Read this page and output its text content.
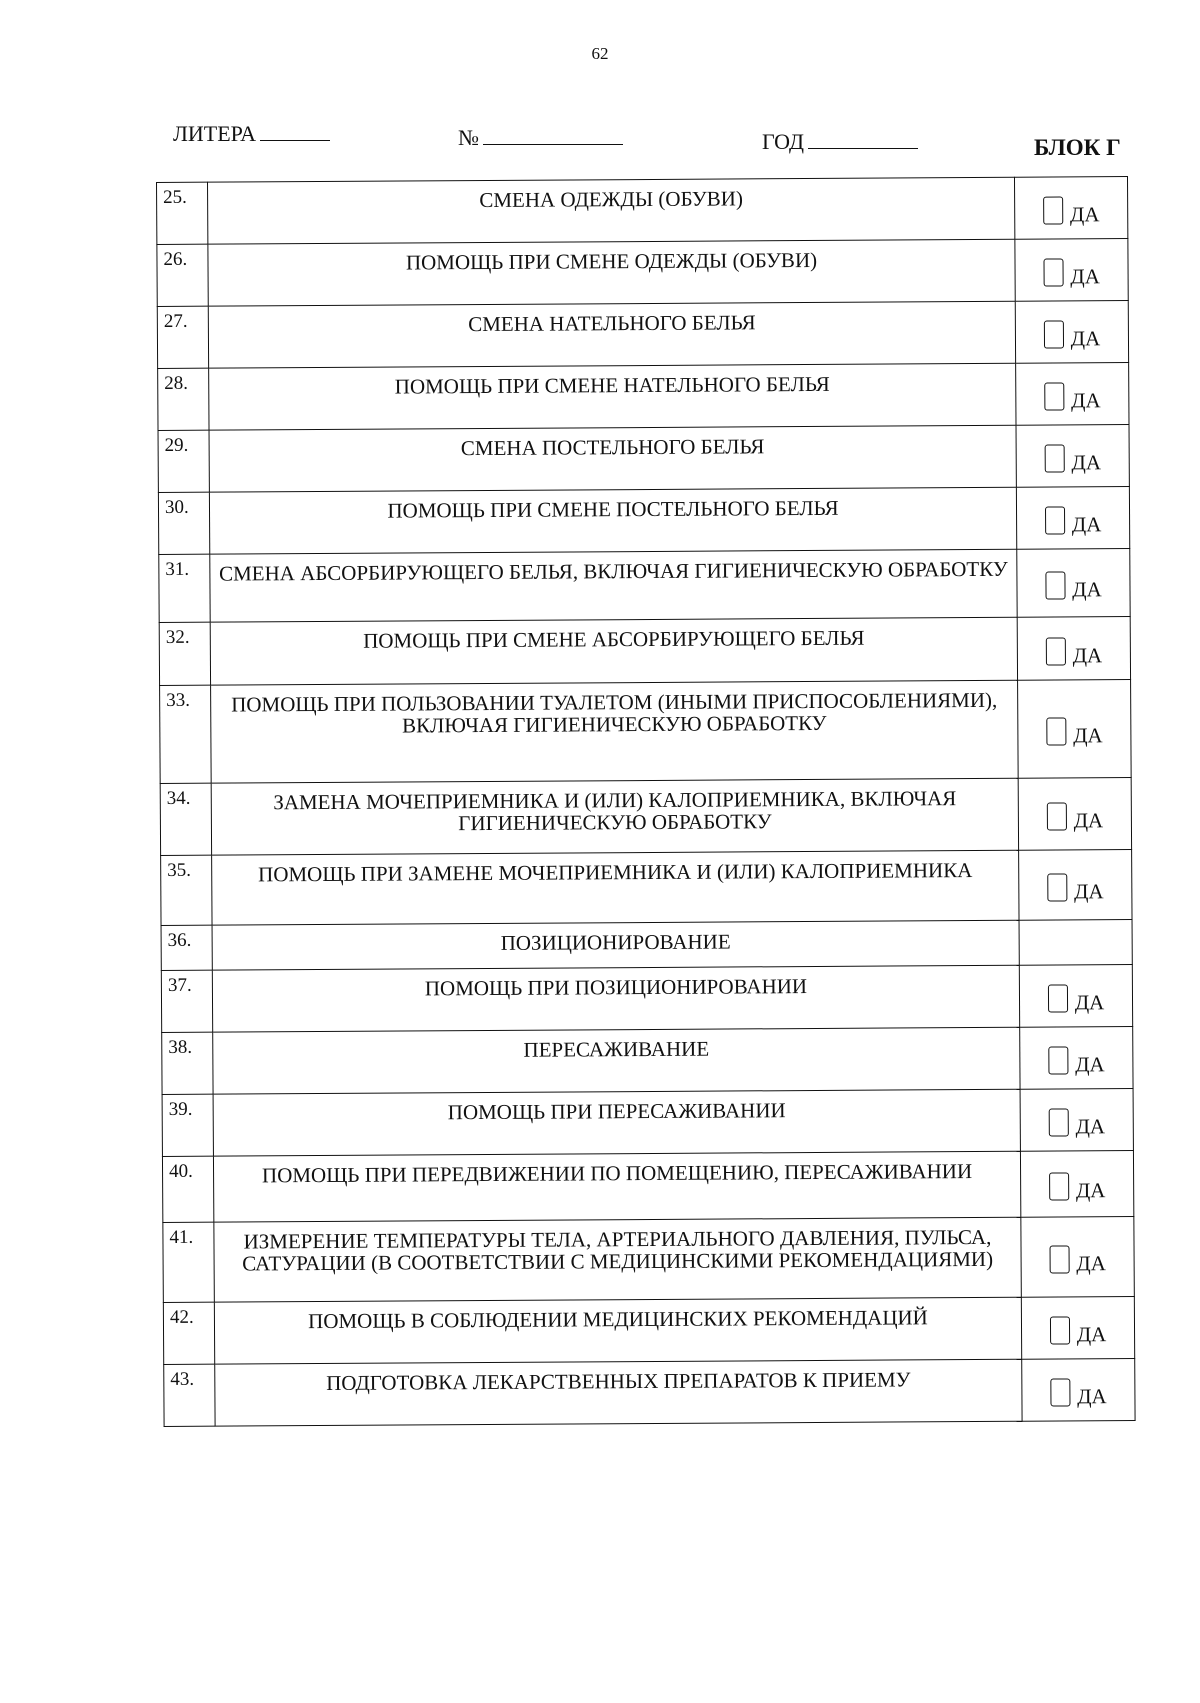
62
ЛИТЕРА	№	ГОД	БЛОК Г
25.	СМЕНА ОДЕЖДЫ (ОБУВИ)	ДА

26.	ПОМОЩЬ ПРИ СМЕНЕ ОДЕЖДЫ (ОБУВИ)	ДА

27.	СМЕНА НАТЕЛЬНОГО БЕЛЬЯ	ДА

28.	ПОМОЩЬ ПРИ СМЕНЕ НАТЕЛЬНОГО БЕЛЬЯ	ДА

29.	СМЕНА ПОСТЕЛЬНОГО БЕЛЬЯ	ДА

30.	ПОМОЩЬ ПРИ СМЕНЕ ПОСТЕЛЬНОГО БЕЛЬЯ	ДА

31.	СМЕНА АБСОРБИРУЮЩЕГО БЕЛЬЯ, ВКЛЮЧАЯ ГИГИЕНИЧЕСКУЮ ОБРАБОТКУ	ДА

32.	ПОМОЩЬ ПРИ СМЕНЕ АБСОРБИРУЮЩЕГО БЕЛЬЯ	ДА

33.	ПОМОЩЬ ПРИ ПОЛЬЗОВАНИИ ТУАЛЕТОМ (ИНЫМИ ПРИСПОСОБЛЕНИЯМИ), ВКЛЮЧАЯ ГИГИЕНИЧЕСКУЮ ОБРАБОТКУ	ДА

34.	ЗАМЕНА МОЧЕПРИЕМНИКА И (ИЛИ) КАЛОПРИЕМНИКА, ВКЛЮЧАЯ ГИГИЕНИЧЕСКУЮ ОБРАБОТКУ	ДА

35.	ПОМОЩЬ ПРИ ЗАМЕНЕ МОЧЕПРИЕМНИКА И (ИЛИ) КАЛОПРИЕМНИКА	ДА

36.	ПОЗИЦИОНИРОВАНИЕ	
37.	ПОМОЩЬ ПРИ ПОЗИЦИОНИРОВАНИИ	ДА

38.	ПЕРЕСАЖИВАНИЕ	ДА

39.	ПОМОЩЬ ПРИ ПЕРЕСАЖИВАНИИ	ДА

40.	ПОМОЩЬ ПРИ ПЕРЕДВИЖЕНИИ ПО ПОМЕЩЕНИЮ, ПЕРЕСАЖИВАНИИ	ДА

41.	ИЗМЕРЕНИЕ ТЕМПЕРАТУРЫ ТЕЛА, АРТЕРИАЛЬНОГО ДАВЛЕНИЯ, ПУЛЬСА, САТУРАЦИИ (В СООТВЕТСТВИИ С МЕДИЦИНСКИМИ РЕКОМЕНДАЦИЯМИ)	ДА

42.	ПОМОЩЬ В СОБЛЮДЕНИИ МЕДИЦИНСКИХ РЕКОМЕНДАЦИЙ	ДА

43.	ПОДГОТОВКА ЛЕКАРСТВЕННЫХ ПРЕПАРАТОВ К ПРИЕМУ	ДА
